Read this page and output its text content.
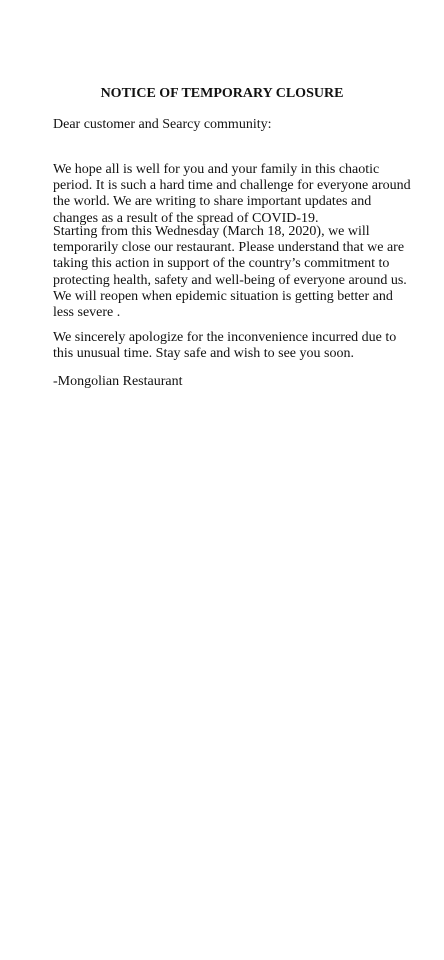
NOTICE OF TEMPORARY CLOSURE

Dear customer and Searcy community:

We hope all is well for you and your family in this chaotic
period. It is such a hard time and challenge for everyone around
the world. We are writing to share important updates and
changes as a result of the spread of COVID-19.

Starting from this Wednesday (March 18, 2020), we will
temporarily close our restaurant. Please understand that we are
taking this action in support of the country’s commitment to
protecting health, safety and well-being of everyone around us.
We will reopen when epidemic situation is getting better and
less severe .

We sincerely apologize for the inconvenience incurred due to
this unusual time. Stay safe and wish to see you soon.

-Mongolian Restaurant
